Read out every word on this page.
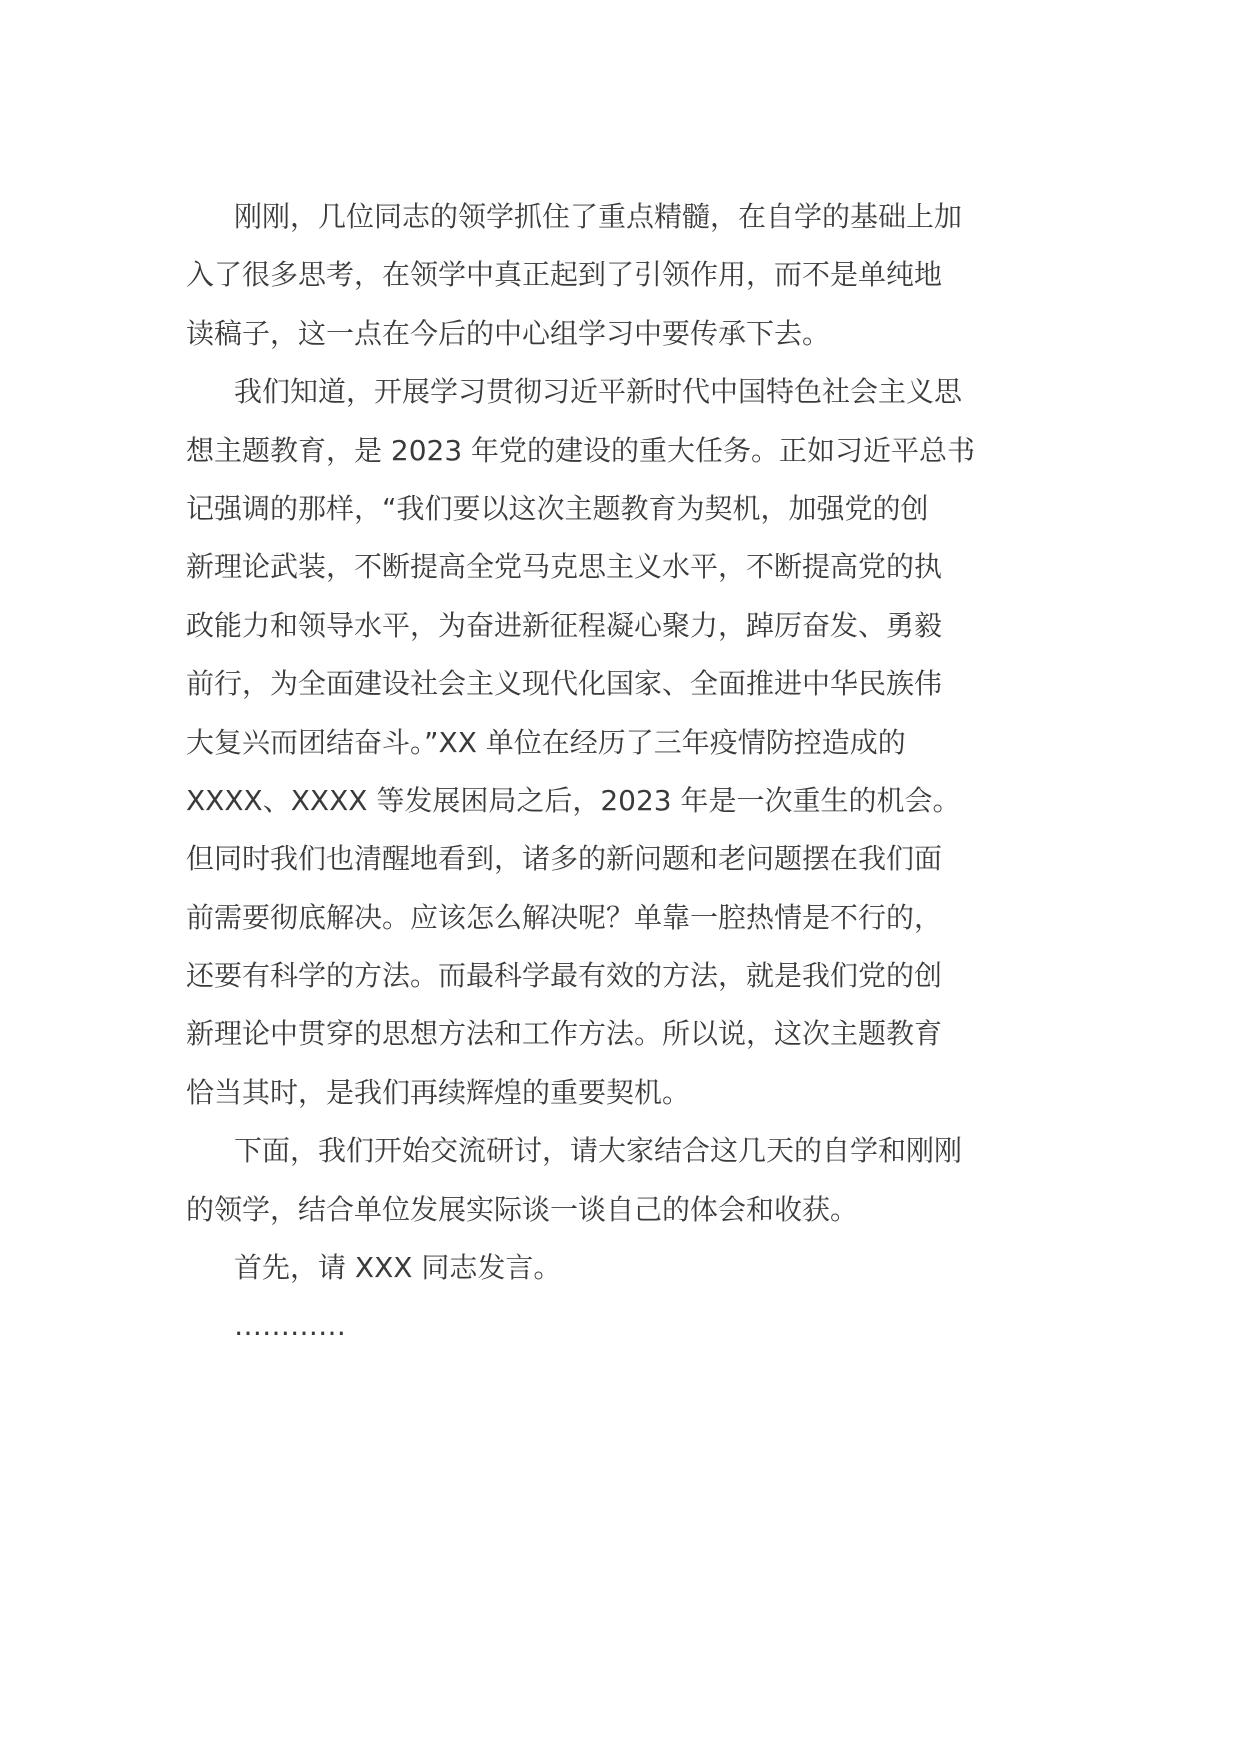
刚刚，几位同志的领学抓住了重点精髓，在自学的基础上加
入了很多思考，在领学中真正起到了引领作用，而不是单纯地
读稿子，这一点在今后的中心组学习中要传承下去。
我们知道，开展学习贯彻习近平新时代中国特色社会主义思
想主题教育，是 2023 年党的建设的重大任务。正如习近平总书
记强调的那样，“我们要以这次主题教育为契机，加强党的创
新理论武装，不断提高全党马克思主义水平，不断提高党的执
政能力和领导水平，为奋进新征程凝心聚力，踔厉奋发、勇毅
前行，为全面建设社会主义现代化国家、全面推进中华民族伟
大复兴而团结奋斗。”XX 单位在经历了三年疫情防控造成的
XXXX、XXXX 等发展困局之后，2023 年是一次重生的机会。
但同时我们也清醒地看到，诸多的新问题和老问题摆在我们面
前需要彻底解决。应该怎么解决呢？单靠一腔热情是不行的，
还要有科学的方法。而最科学最有效的方法，就是我们党的创
新理论中贯穿的思想方法和工作方法。所以说，这次主题教育
恰当其时，是我们再续辉煌的重要契机。
下面，我们开始交流研讨，请大家结合这几天的自学和刚刚
的领学，结合单位发展实际谈一谈自己的体会和收获。
首先，请 XXX 同志发言。
…………
